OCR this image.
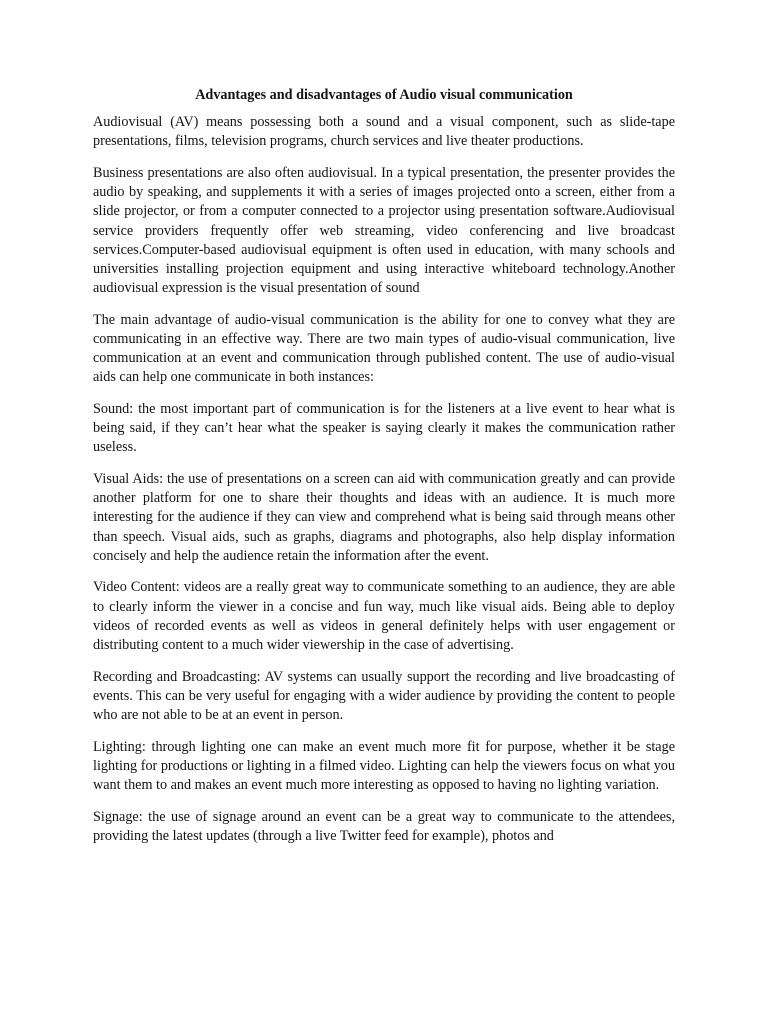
Advantages and disadvantages of Audio visual communication

Audiovisual (AV) means possessing both a sound and a visual component, such as slide-tape presentations, films, television programs, church services and live theater productions.

Business presentations are also often audiovisual. In a typical presentation, the presenter provides the audio by speaking, and supplements it with a series of images projected onto a screen, either from a slide projector, or from a computer connected to a projector using presentation software.Audiovisual service providers frequently offer web streaming, video conferencing and live broadcast services.Computer-based audiovisual equipment is often used in education, with many schools and universities installing projection equipment and using interactive whiteboard technology.Another audiovisual expression is the visual presentation of sound

The main advantage of audio-visual communication is the ability for one to convey what they are communicating in an effective way. There are two main types of audio-visual communication, live communication at an event and communication through published content. The use of audio-visual aids can help one communicate in both instances:

Sound: the most important part of communication is for the listeners at a live event to hear what is being said, if they can’t hear what the speaker is saying clearly it makes the communication rather useless.

Visual Aids: the use of presentations on a screen can aid with communication greatly and can provide another platform for one to share their thoughts and ideas with an audience. It is much more interesting for the audience if they can view and comprehend what is being said through means other than speech. Visual aids, such as graphs, diagrams and photographs, also help display information concisely and help the audience retain the information after the event.

Video Content: videos are a really great way to communicate something to an audience, they are able to clearly inform the viewer in a concise and fun way, much like visual aids. Being able to deploy videos of recorded events as well as videos in general definitely helps with user engagement or distributing content to a much wider viewership in the case of advertising.

Recording and Broadcasting: AV systems can usually support the recording and live broadcasting of events. This can be very useful for engaging with a wider audience by providing the content to people who are not able to be at an event in person.

Lighting: through lighting one can make an event much more fit for purpose, whether it be stage lighting for productions or lighting in a filmed video. Lighting can help the viewers focus on what you want them to and makes an event much more interesting as opposed to having no lighting variation.

Signage: the use of signage around an event can be a great way to communicate to the attendees, providing the latest updates (through a live Twitter feed for example), photos and
